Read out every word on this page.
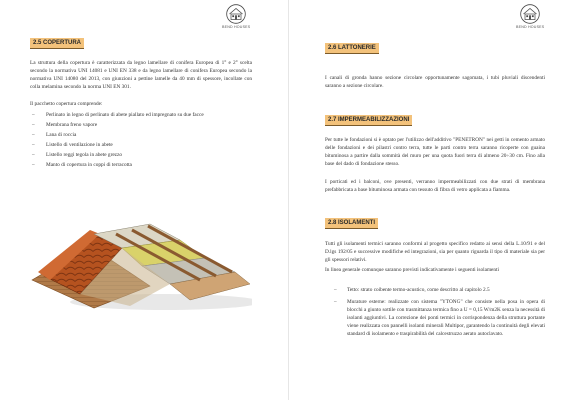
BEND HOUSES
2.5 COPERTURA

La struttura della copertura è caratterizzata da legno lamellare di conifera Europea di 1° e 2° scelta secondo la normativa UNI 14081 e UNI EN 338 e da legno lamellare di conifera Europea secondo la normativa UNI 14080 del 2013, con giunzioni a pettine lamelle da 40 mm di spessore, incollate con colla melamina secondo la norma UNI EN 301.

Il pacchetto copertura comprende:

– Perlinato in legno di perlinato di abete piallato ed impregnato su due facce
– Membrana freno vapore
– Lana di roccia
– Listello di ventilazione in abete
– Listello reggi tegola in abete grezzo
– Manto di copertura in coppi di terracotta
BEND HOUSES
2.6 LATTONERIE

I canali di gronda hanno sezione circolare opportunamente sagomata, i tubi pluviali discendenti saranno a sezione circolare.

2.7 IMPERMEABILIZZAZIONI

Per tutte le fondazioni si è optato per l'utilizzo dell'additivo "PENETRON" nei getti in cemento armato delle fondazioni e dei pilastri contro terra, tutte le parti contro terra saranno ricoperte con guaina bituminosa a partire dalla sommità del muro per una quota fuori terra di almeno 20÷30 cm. Fino alla base del dado di fondazione stesso.

I porticati ed i balconi, ove presenti, verranno impermeabilizzati con due strati di membrana prefabbricata a base bituminosa armata con tessuto di fibra di vetro applicata a fiamma.

2.8 ISOLAMENTI

Tutti gli isolamenti termici saranno conformi al progetto specifico redatto ai sensi della L.10/91 e del D.lgs 192/05 e successive modifiche ed integrazioni, sia per quanto riguarda il tipo di materiale sia per gli spessori relativi.

In linea generale comunque saranno previsti indicativamente i seguenti isolamenti

– Tetto: strato coibente termo-acustico, come descritto al capitolo 2.5
– Murature esterne: realizzate con sistema "YTONG" che consiste nella posa in opera di blocchi a giunto sottile con trasmittanza termica fino a U = 0,15 W/m2K senza la necessità di isolanti aggiuntivi. La correzione dei ponti termici in corrispondenza della struttura portante viene realizzata con pannelli isolanti minerali Multipor, garantendo la continuità degli elevati standard di isolamento e traspirabilità del calcestruzzo aerato autoclavato.
